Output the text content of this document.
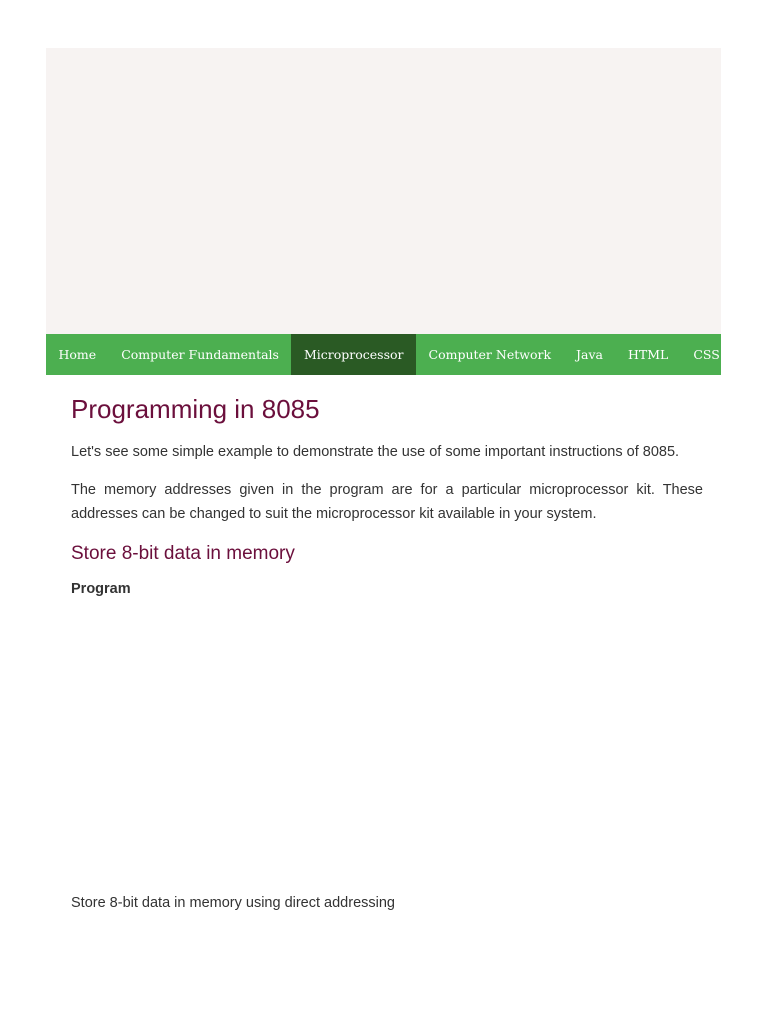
Home	Computer Fundamentals	Microprocessor	Computer Network	Java	HTML	CSS
Programming in 8085

Let's see some simple example to demonstrate the use of some important instructions of 8085.

The memory addresses given in the program are for a particular microprocessor kit. These addresses can be changed to suit the microprocessor kit available in your system.

Store 8-bit data in memory

Program

Store 8-bit data in memory using direct addressing
